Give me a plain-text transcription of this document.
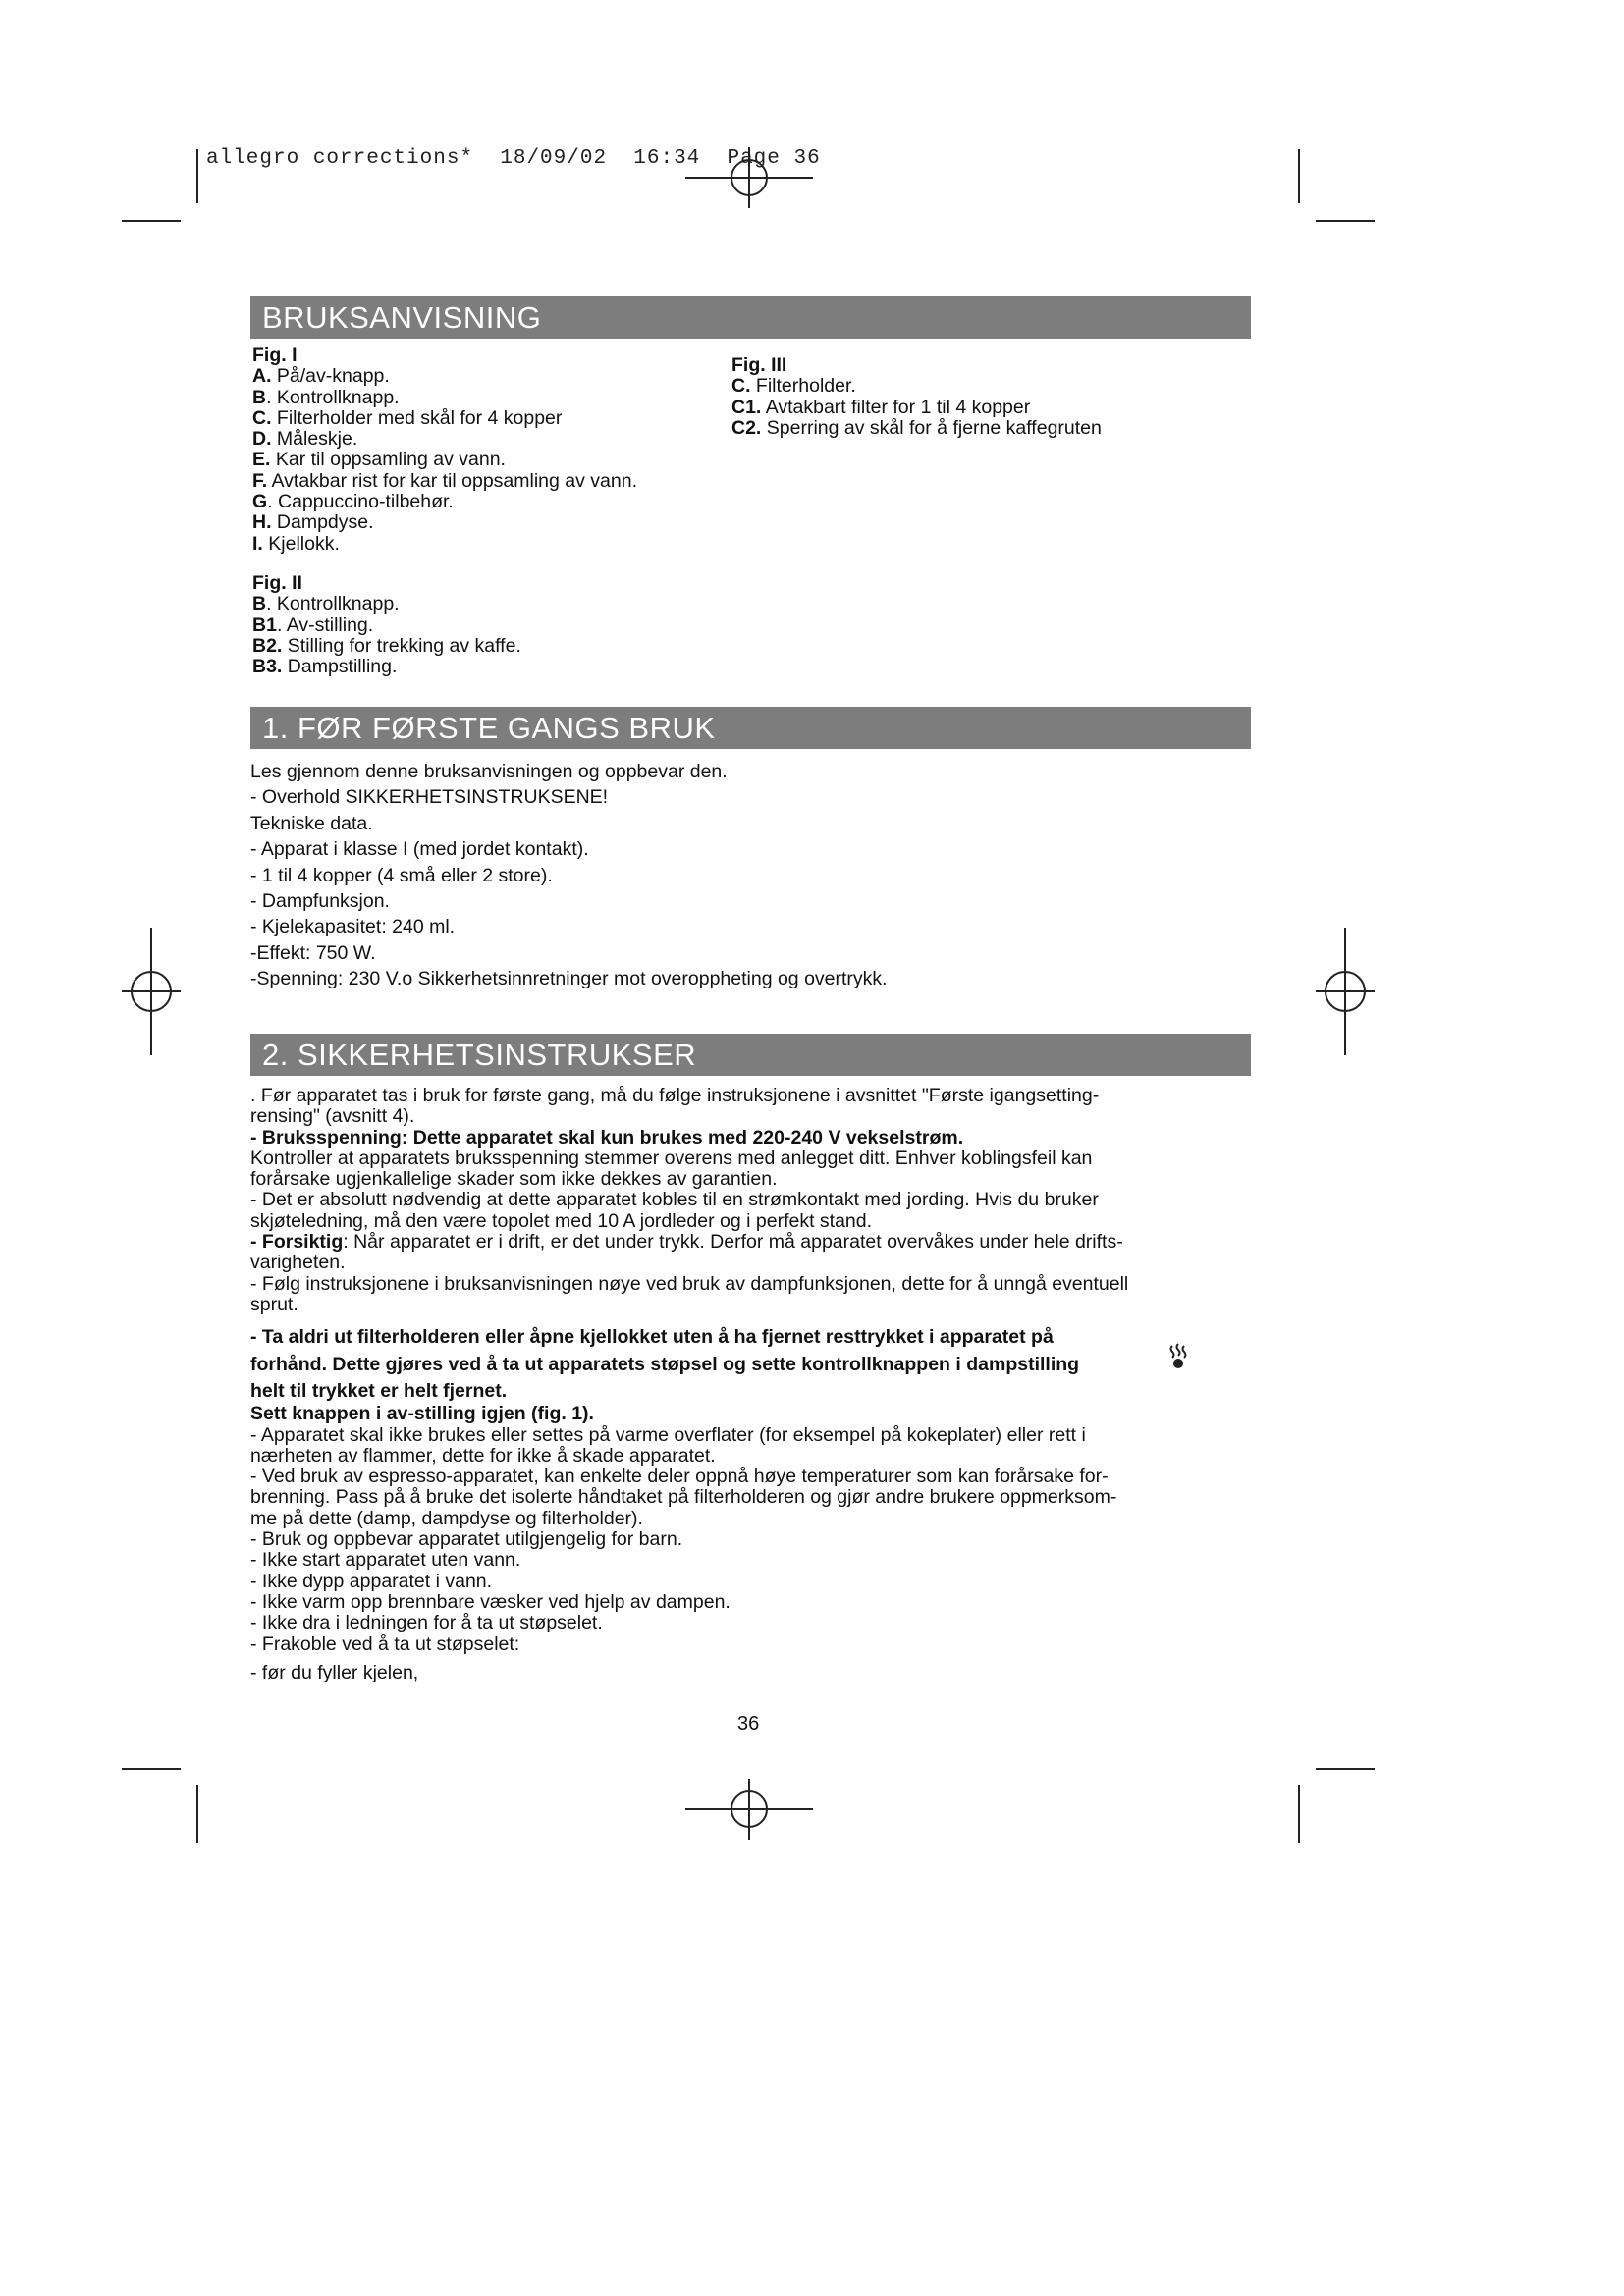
allegro corrections*  18/09/02  16:34  Page 36
BRUKSANVISNING
Fig. I
A. På/av-knapp.
B. Kontrollknapp.
C. Filterholder med skål for 4 kopper
D. Måleskje.
E. Kar til oppsamling av vann.
F. Avtakbar rist for kar til oppsamling av vann.
G. Cappuccino-tilbehør.
H. Dampdyse.
I. Kjellokk.
Fig. II
B. Kontrollknapp.
B1. Av-stilling.
B2. Stilling for trekking av kaffe.
B3. Dampstilling.
Fig. III
C. Filterholder.
C1. Avtakbart filter for 1 til 4 kopper
C2. Sperring av skål for å fjerne kaffegruten
1. FØR FØRSTE GANGS BRUK
Les gjennom denne bruksanvisningen og oppbevar den.
- Overhold SIKKERHETSINSTRUKSENE!
Tekniske data.
- Apparat i klasse I (med jordet kontakt).
- 1 til 4 kopper (4 små eller 2 store).
- Dampfunksjon.
- Kjelekapasitet: 240 ml.
-Effekt: 750 W.
-Spenning: 230 V.o Sikkerhetsinnretninger mot overoppheting og overtrykk.
2. SIKKERHETSINSTRUKSER
. Før apparatet tas i bruk for første gang, må du følge instruksjonene i avsnittet "Første igangsetting-
rensing" (avsnitt 4).
- Bruksspenning: Dette apparatet skal kun brukes med 220-240 V vekselstrøm.
Kontroller at apparatets bruksspenning stemmer overens med anlegget ditt. Enhver koblingsfeil kan
forårsake ugjenkallelige skader som ikke dekkes av garantien.
- Det er absolutt nødvendig at dette apparatet kobles til en strømkontakt med jording. Hvis du bruker
skjøteledning, må den være topolet med 10 A jordleder og i perfekt stand.
- Forsiktig: Når apparatet er i drift, er det under trykk. Derfor må apparatet overvåkes under hele drifts-
varigheten.
- Følg instruksjonene i bruksanvisningen nøye ved bruk av dampfunksjonen, dette for å unngå eventuell
sprut.
- Ta aldri ut filterholderen eller åpne kjellokket uten å ha fjernet resttrykket i apparatet på
forhånd. Dette gjøres ved å ta ut apparatets støpsel og sette kontrollknappen i dampstilling
helt til trykket er helt fjernet.
Sett knappen i av-stilling igjen (fig. 1).
- Apparatet skal ikke brukes eller settes på varme overflater (for eksempel på kokeplater) eller rett i
nærheten av flammer, dette for ikke å skade apparatet.
- Ved bruk av espresso-apparatet, kan enkelte deler oppnå høye temperaturer som kan forårsake for-
brenning. Pass på å bruke det isolerte håndtaket på filterholderen og gjør andre brukere oppmerksom-
me på dette (damp, dampdyse og filterholder).
- Bruk og oppbevar apparatet utilgjengelig for barn.
- Ikke start apparatet uten vann.
- Ikke dypp apparatet i vann.
- Ikke varm opp brennbare væsker ved hjelp av dampen.
- Ikke dra i ledningen for å ta ut støpselet.
- Frakoble ved å ta ut støpselet:
- før du fyller kjelen,
36
